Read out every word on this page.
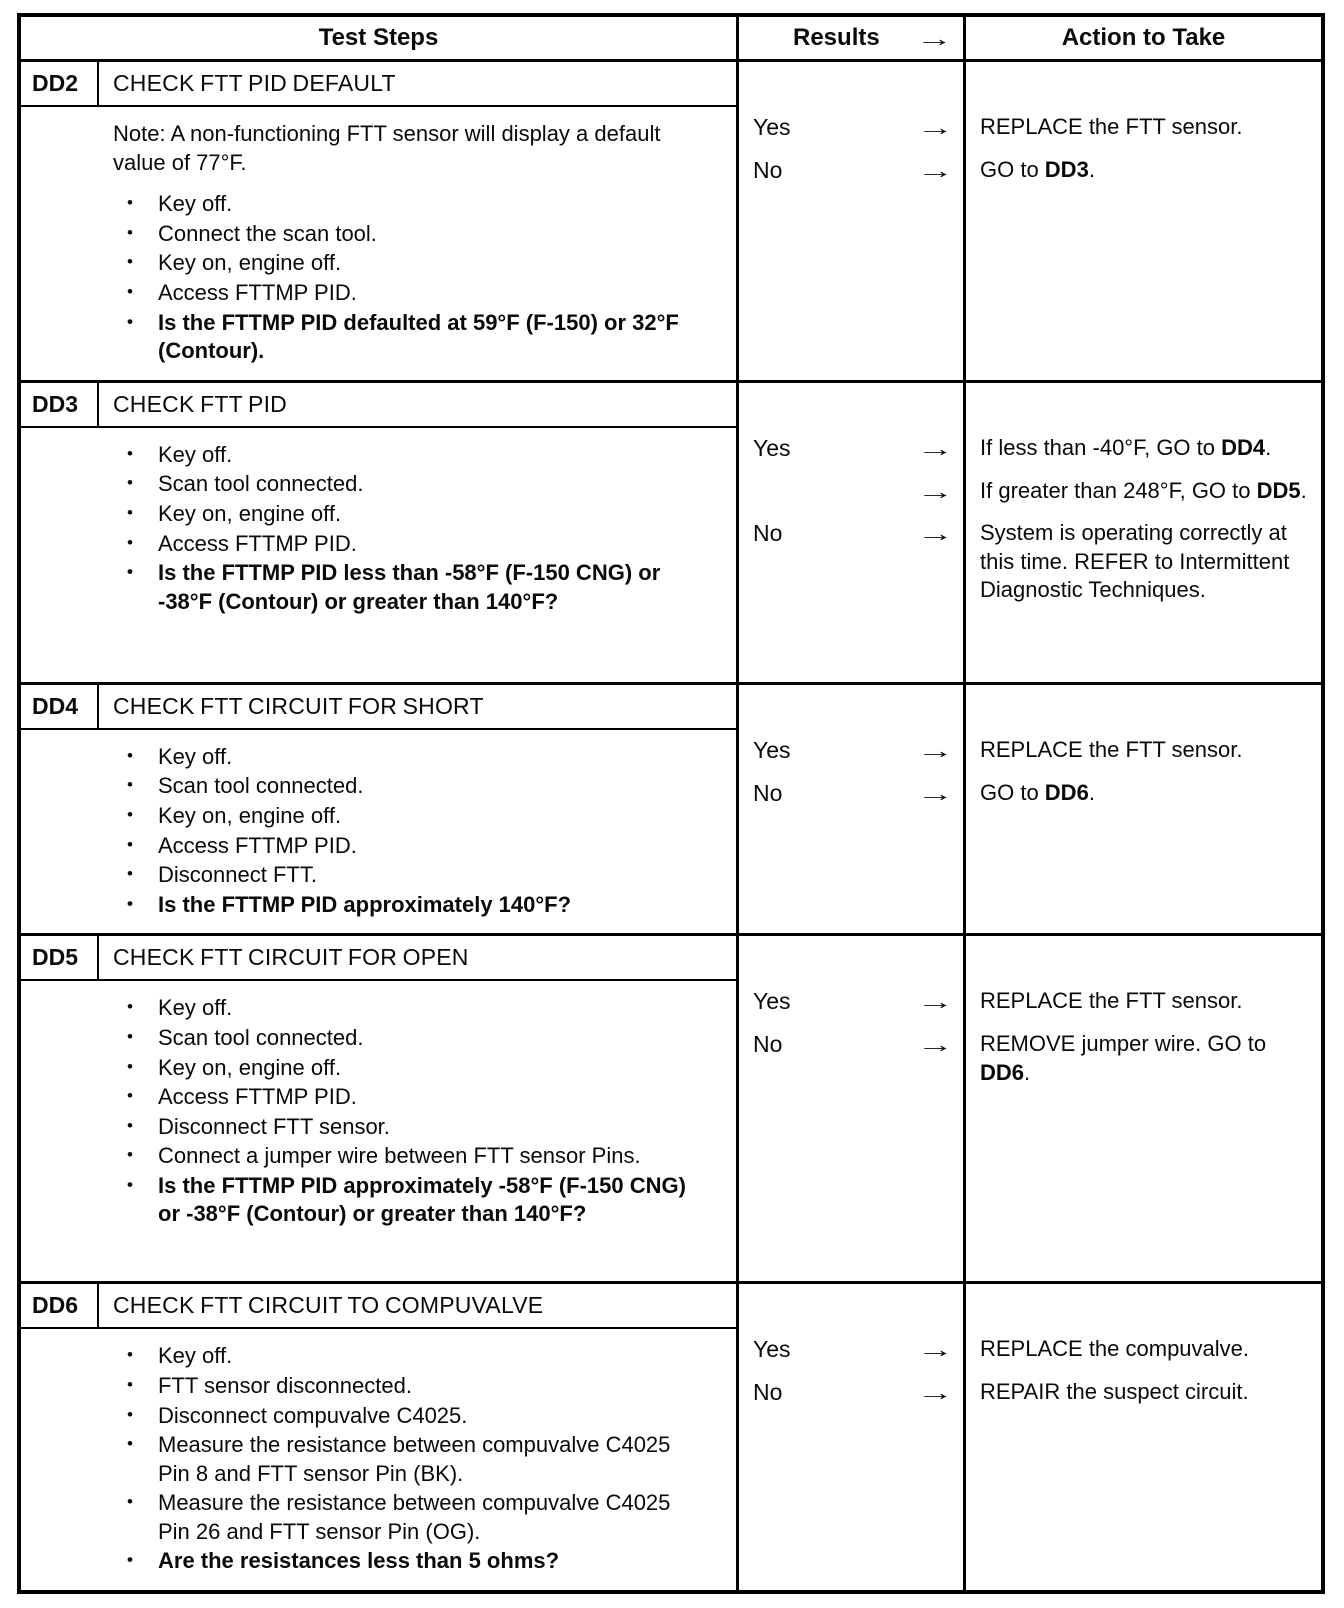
Test Steps	Results →	Action to Take
DD2	CHECK FTT PID DEFAULT
Note: A non-functioning FTT sensor will display a default value of 77°F.
•	Key off.
•	Connect the scan tool.
•	Key on, engine off.
•	Access FTTMP PID.
•	Is the FTTMP PID defaulted at 59°F (F-150) or 32°F (Contour).
Yes	→	REPLACE the FTT sensor.
No	→	GO to DD3.
DD3	CHECK FTT PID
•	Key off.
•	Scan tool connected.
•	Key on, engine off.
•	Access FTTMP PID.
•	Is the FTTMP PID less than -58°F (F-150 CNG) or -38°F (Contour) or greater than 140°F?
Yes	→	If less than -40°F, GO to DD4.
→	If greater than 248°F, GO to DD5.
No	→	System is operating correctly at this time. REFER to Intermittent Diagnostic Techniques.
DD4	CHECK FTT CIRCUIT FOR SHORT
•	Key off.
•	Scan tool connected.
•	Key on, engine off.
•	Access FTTMP PID.
•	Disconnect FTT.
•	Is the FTTMP PID approximately 140°F?
Yes	→	REPLACE the FTT sensor.
No	→	GO to DD6.
DD5	CHECK FTT CIRCUIT FOR OPEN
•	Key off.
•	Scan tool connected.
•	Key on, engine off.
•	Access FTTMP PID.
•	Disconnect FTT sensor.
•	Connect a jumper wire between FTT sensor Pins.
•	Is the FTTMP PID approximately -58°F (F-150 CNG) or -38°F (Contour) or greater than 140°F?
Yes	→	REPLACE the FTT sensor.
No	→	REMOVE jumper wire. GO to DD6.
DD6	CHECK FTT CIRCUIT TO COMPUVALVE
•	Key off.
•	FTT sensor disconnected.
•	Disconnect compuvalve C4025.
•	Measure the resistance between compuvalve C4025 Pin 8 and FTT sensor Pin (BK).
•	Measure the resistance between compuvalve C4025 Pin 26 and FTT sensor Pin (OG).
•	Are the resistances less than 5 ohms?
Yes	→	REPLACE the compuvalve.
No	→	REPAIR the suspect circuit.
